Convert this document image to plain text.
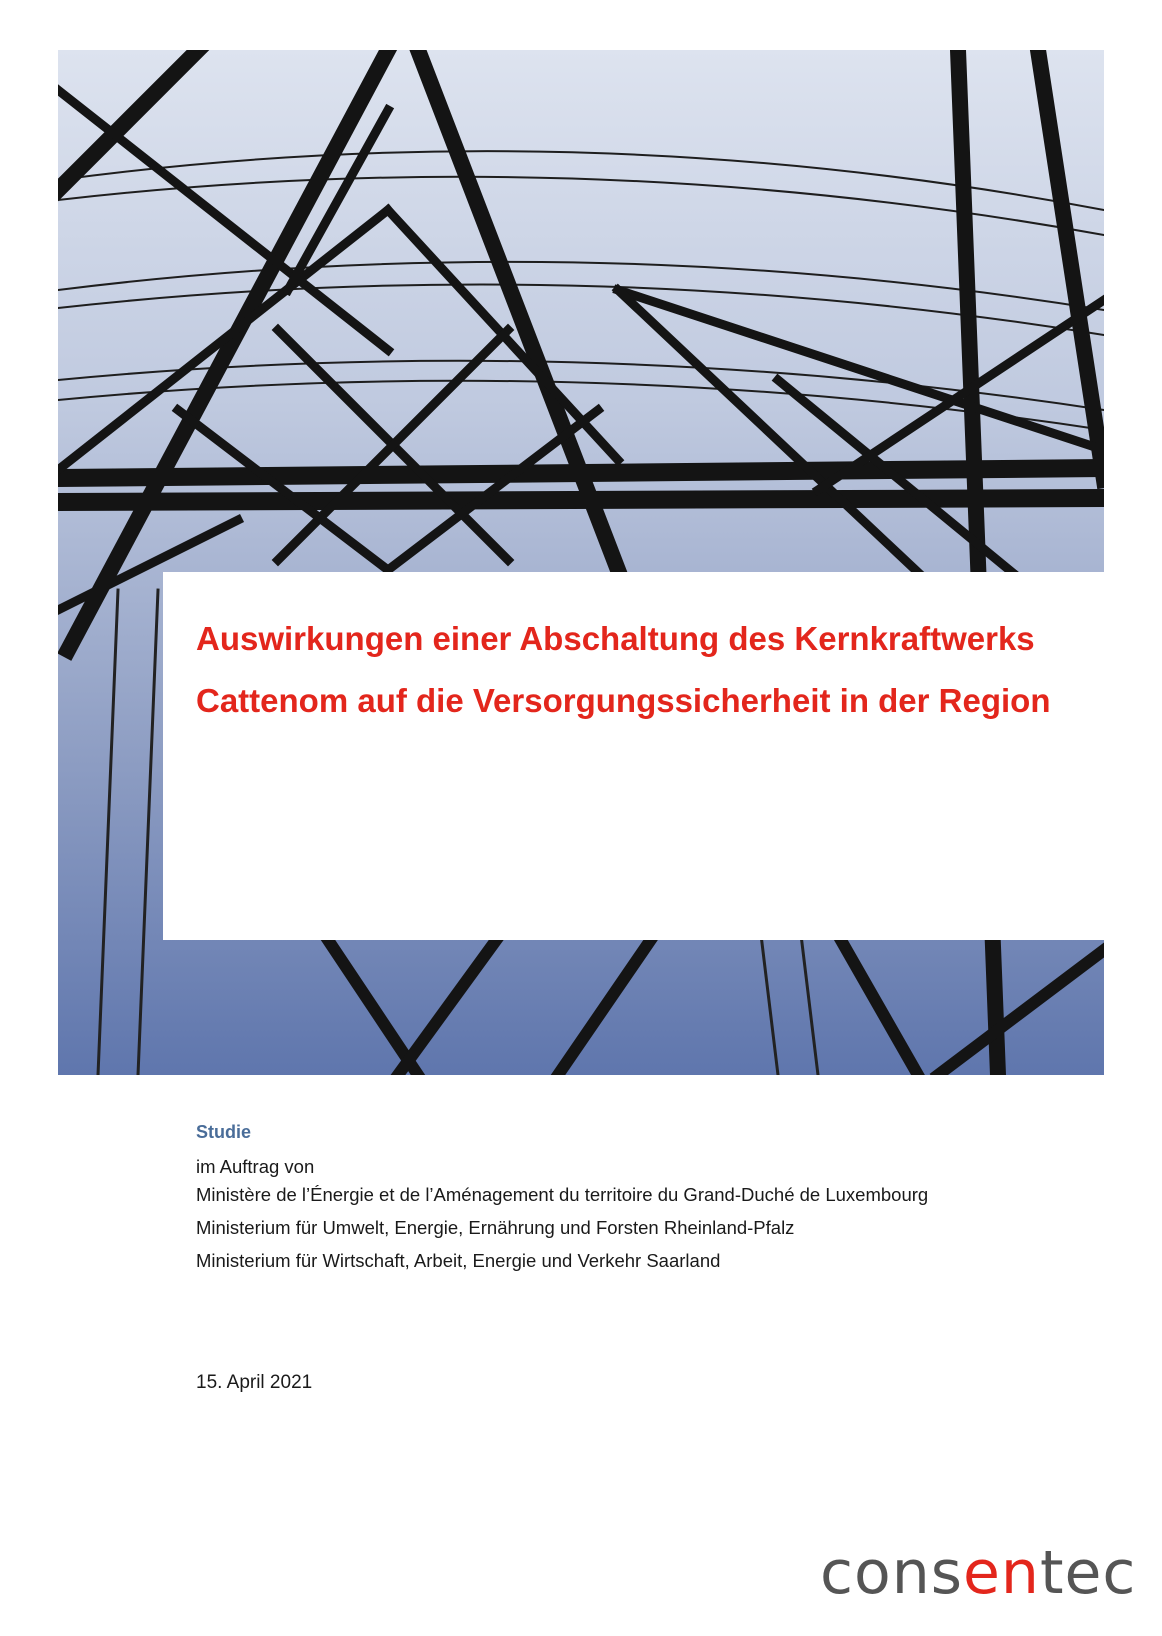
Auswirkungen einer Abschaltung des Kernkraftwerks
Cattenom auf die Versorgungssicherheit in der Region

Studie

im Auftrag von

Ministère de l’Énergie et de l’Aménagement du territoire du Grand-Duché de Luxembourg

Ministerium für Umwelt, Energie, Ernährung und Forsten Rheinland-Pfalz

Ministerium für Wirtschaft, Arbeit, Energie und Verkehr Saarland

15. April 2021
consentec
